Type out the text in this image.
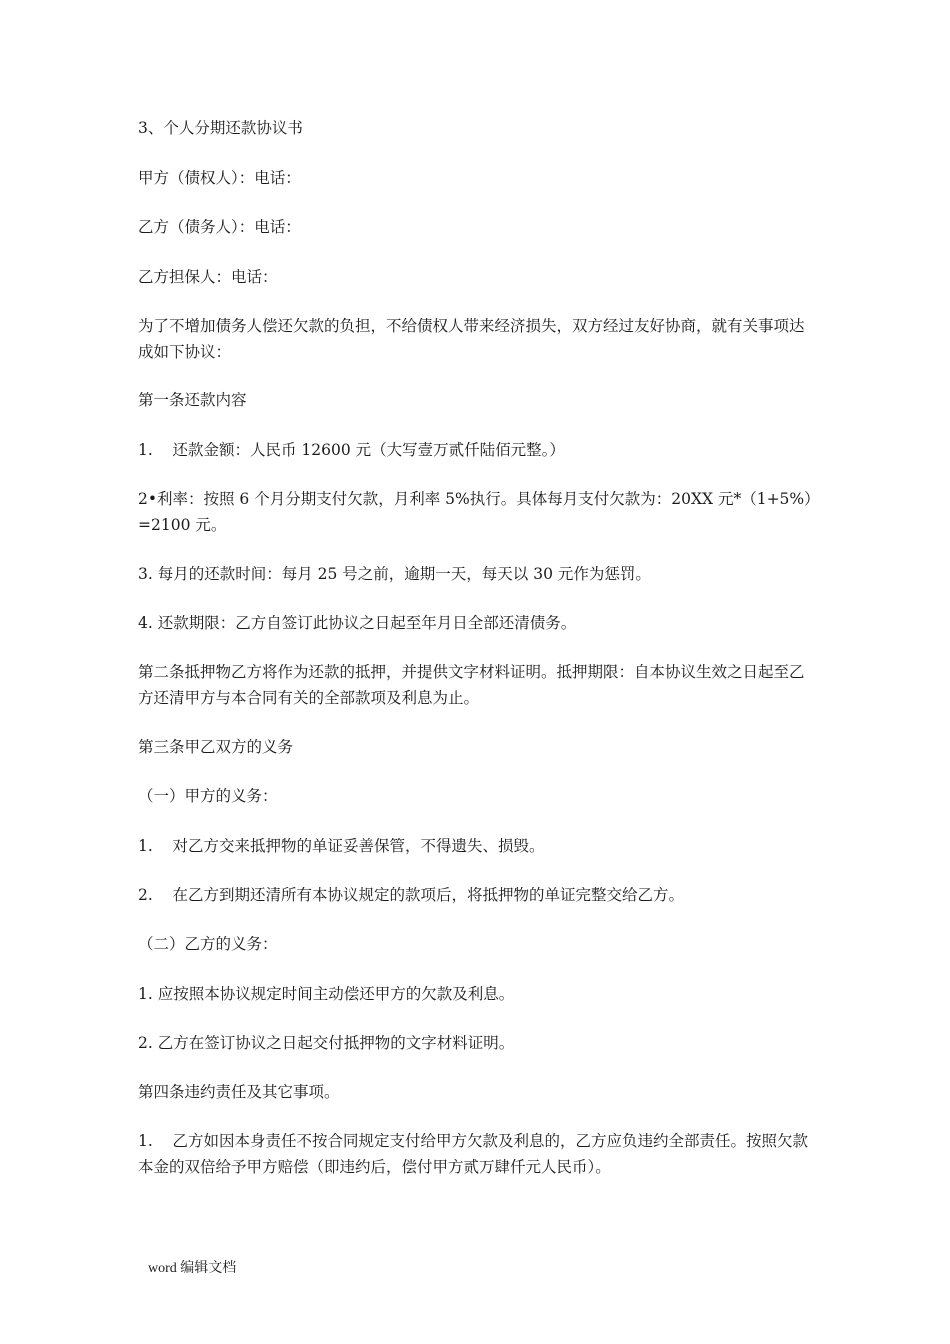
3、个人分期还款协议书
甲方（债权人）：电话：
乙方（债务人）：电话：
乙方担保人：电话：
为了不增加债务人偿还欠款的负担，不给债权人带来经济损失，双方经过友好协商，就有关事项达成如下协议：
第一条还款内容
1.    还款金额：人民币 12600 元（大写壹万贰仟陆佰元整。）
2•利率：按照 6 个月分期支付欠款，月利率 5%执行。具体每月支付欠款为：20XX 元*（1+5%）=2100 元。
3. 每月的还款时间：每月 25 号之前，逾期一天，每天以 30 元作为惩罚。
4. 还款期限：乙方自签订此协议之日起至年月日全部还清债务。
第二条抵押物乙方将作为还款的抵押，并提供文字材料证明。抵押期限：自本协议生效之日起至乙方还清甲方与本合同有关的全部款项及利息为止。
第三条甲乙双方的义务
（一）甲方的义务：
1.    对乙方交来抵押物的单证妥善保管，不得遗失、损毁。
2.    在乙方到期还清所有本协议规定的款项后，将抵押物的单证完整交给乙方。
（二）乙方的义务：
1. 应按照本协议规定时间主动偿还甲方的欠款及利息。
2. 乙方在签订协议之日起交付抵押物的文字材料证明。
第四条违约责任及其它事项。
1.    乙方如因本身责任不按合同规定支付给甲方欠款及利息的，乙方应负违约全部责任。按照欠款本金的双倍给予甲方赔偿（即违约后，偿付甲方贰万肆仟元人民币）。
word 编辑文档
